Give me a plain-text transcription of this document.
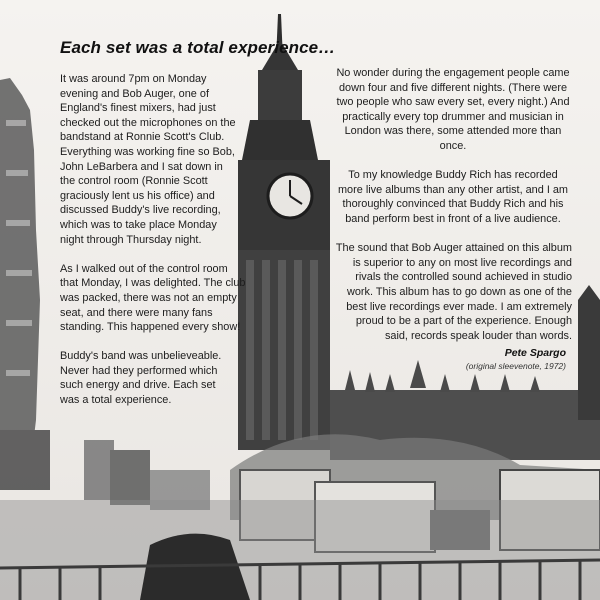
Each set was a total experience…

It was around 7pm on Monday
evening and Bob Auger, one of
England's finest mixers, had just
checked out the microphones on the
bandstand at Ronnie Scott's Club.
Everything was working fine so Bob,
John LeBarbera and I sat down in
the control room (Ronnie Scott
graciously lent us his office) and
discussed Buddy's live recording,
which was to take place Monday
night through Thursday night.

As I walked out of the control room
that Monday, I was delighted. The club
was packed, there was not an empty
seat, and there were many fans
standing. This happened every show!

Buddy's band was unbelieveable.
Never had they performed which
such energy and drive. Each set
was a total experience.

No wonder during the engagement people came
down four and five different nights. (There were
two people who saw every set, every night.) And
practically every top drummer and musician in
London was there, some attended more than once.

To my knowledge Buddy Rich has recorded
more live albums than any other artist, and I am
thoroughly convinced that Buddy Rich and his
band perform best in front of a live audience.

The sound that Bob Auger attained on this album
is superior to any on most live recordings and
rivals the controlled sound achieved in studio
work. This album has to go down as one of the
best live recordings ever made. I am extremely
proud to be a part of the experience. Enough
said, records speak louder than words.

Pete Spargo
(original sleevenote, 1972)
